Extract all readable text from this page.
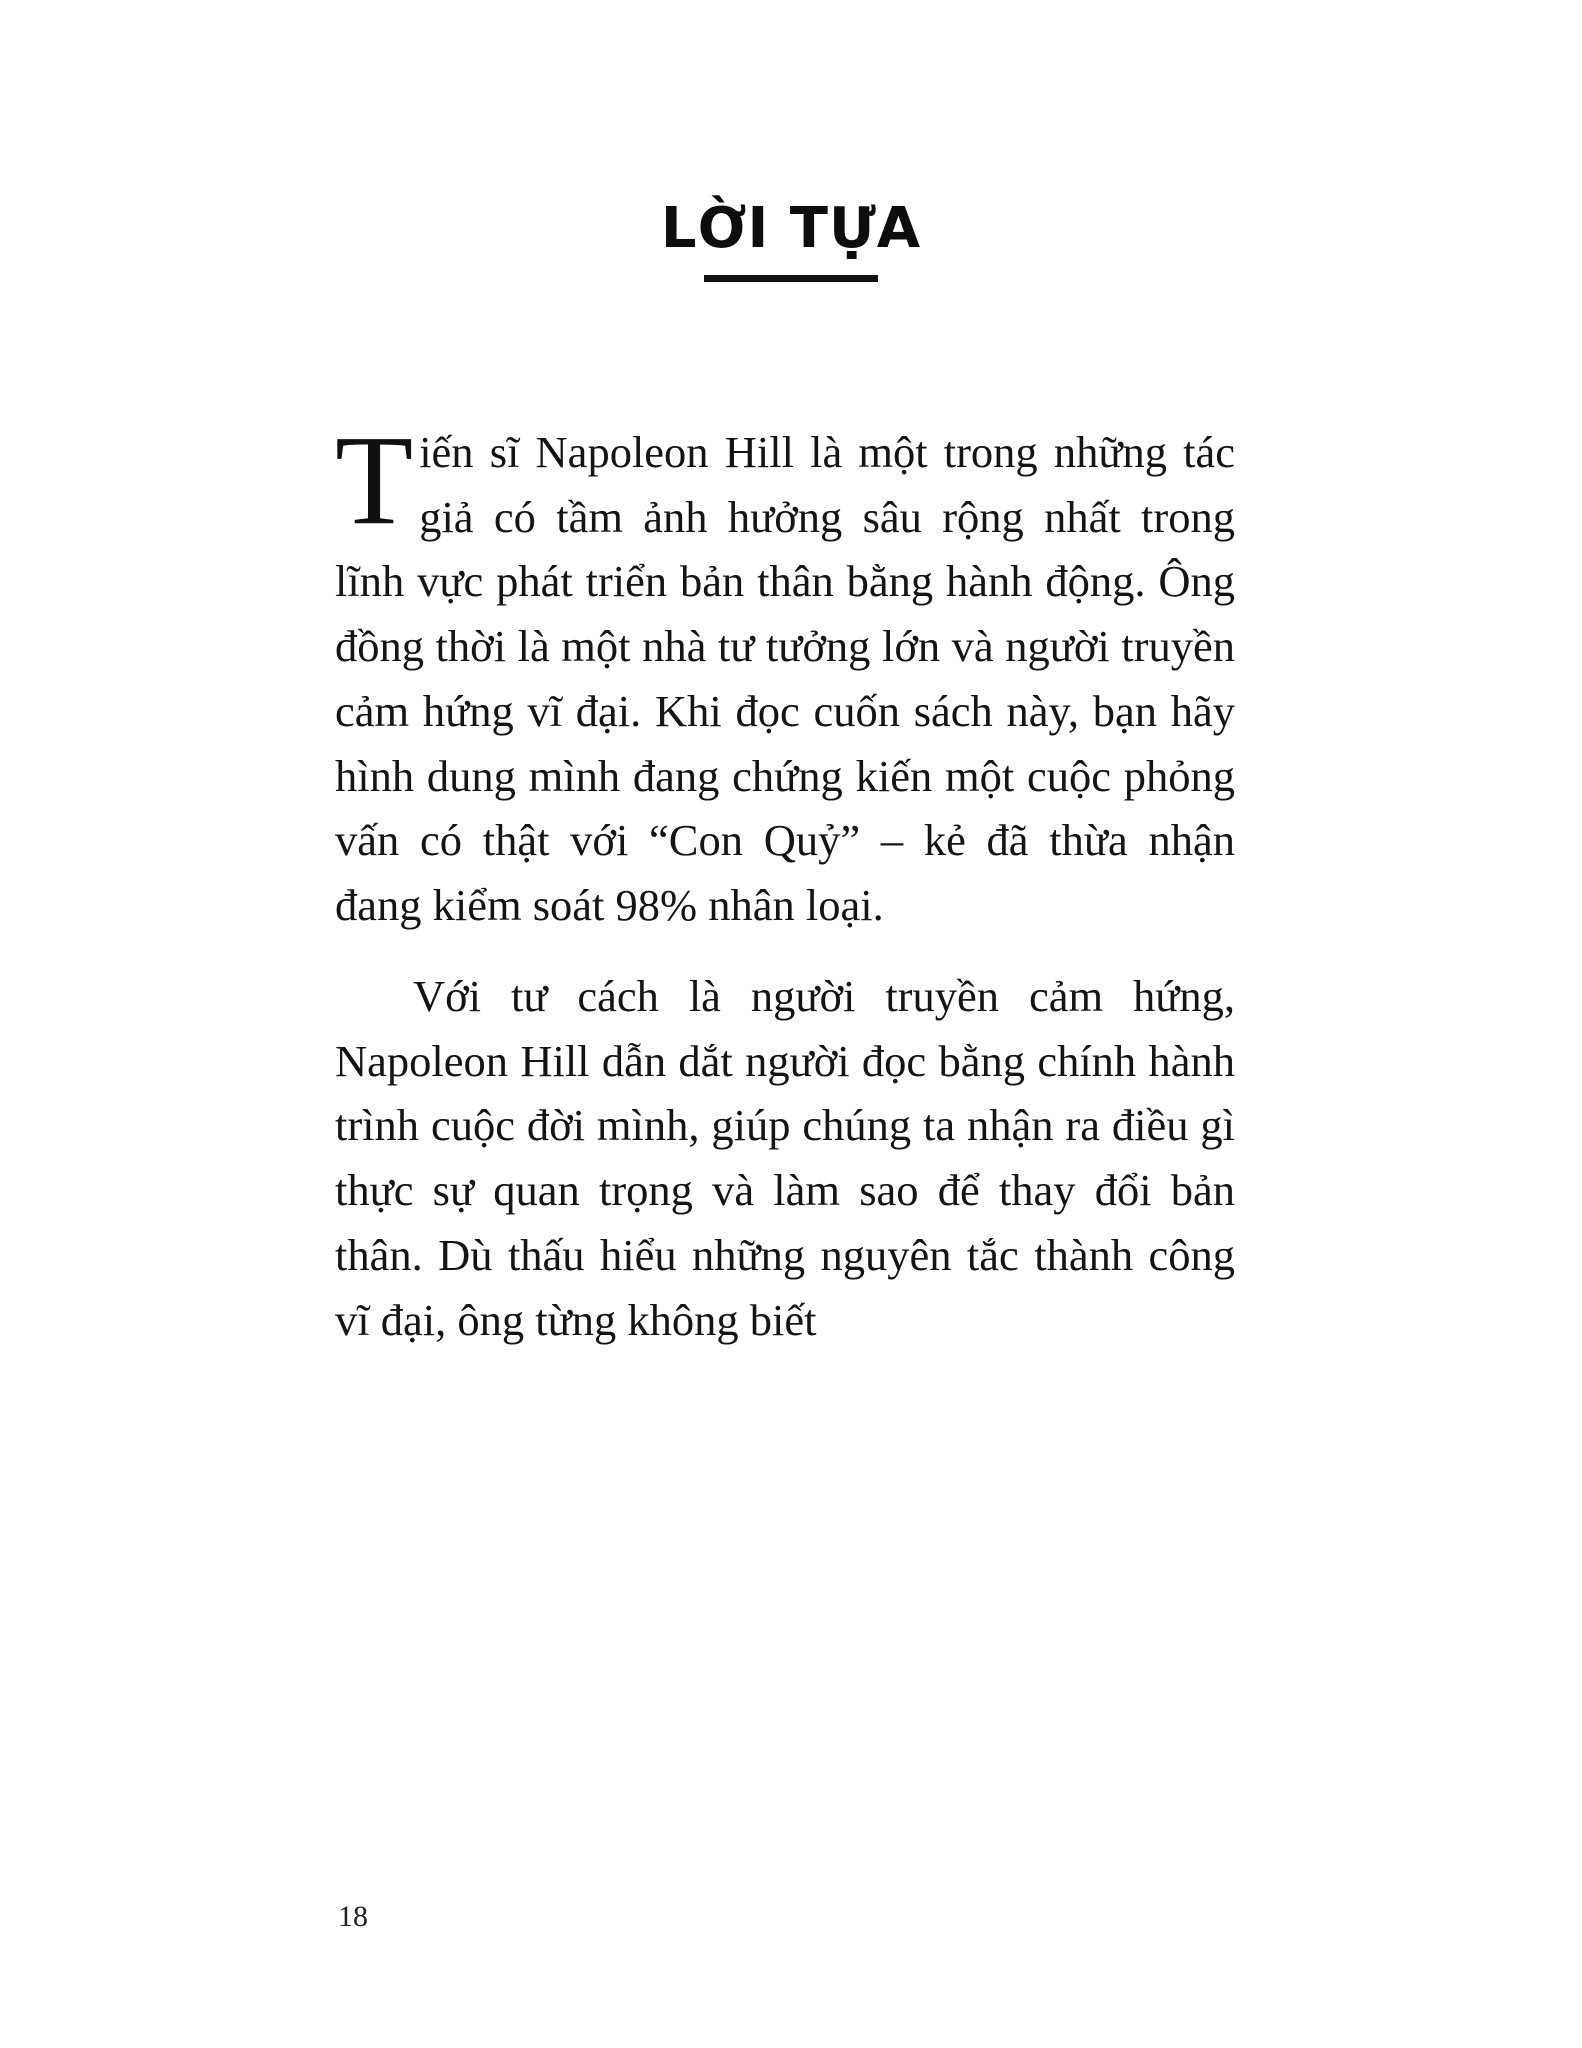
LỜI TỰA

Tiến sĩ Napoleon Hill là một trong những tác giả có tầm ảnh hưởng sâu rộng nhất trong lĩnh vực phát triển bản thân bằng hành động. Ông đồng thời là một nhà tư tưởng lớn và người truyền cảm hứng vĩ đại. Khi đọc cuốn sách này, bạn hãy hình dung mình đang chứng kiến một cuộc phỏng vấn có thật với “Con Quỷ” – kẻ đã thừa nhận đang kiểm soát 98% nhân loại.

Với tư cách là người truyền cảm hứng, Napoleon Hill dẫn dắt người đọc bằng chính hành trình cuộc đời mình, giúp chúng ta nhận ra điều gì thực sự quan trọng và làm sao để thay đổi bản thân. Dù thấu hiểu những nguyên tắc thành công vĩ đại, ông từng không biết

18
